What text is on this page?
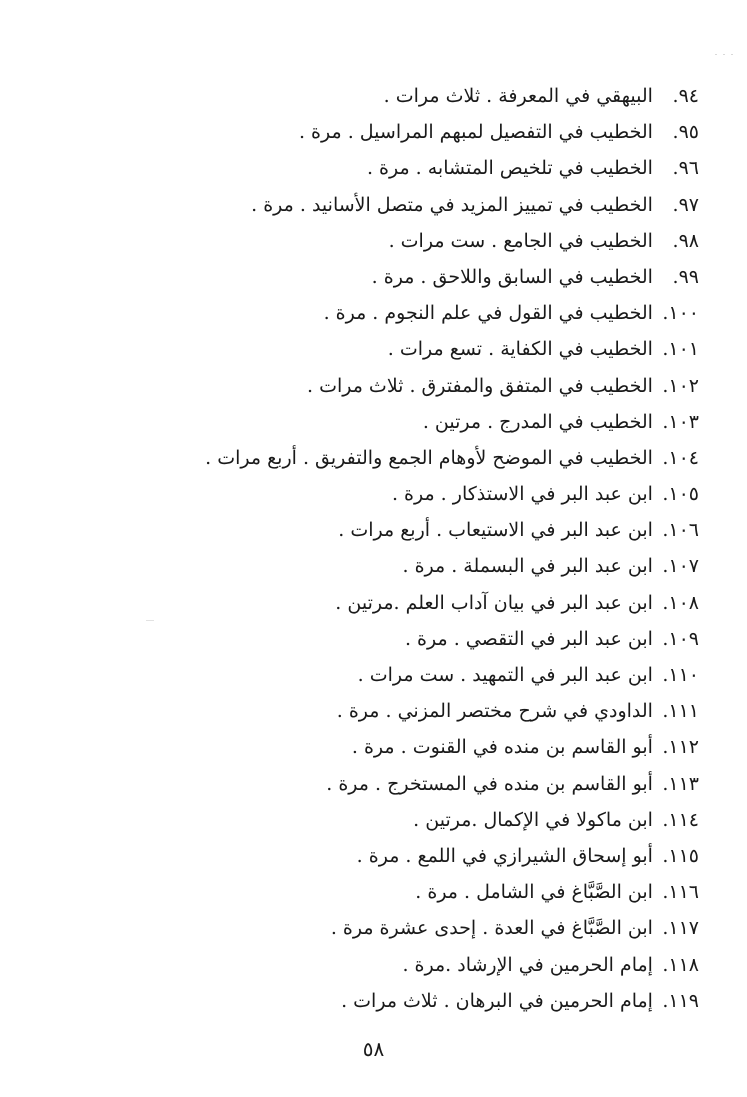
٩٤. البيهقي في المعرفة . ثلاث مرات .
٩٥. الخطيب في التفصيل لمبهم المراسيل . مرة .
٩٦. الخطيب في تلخيص المتشابه . مرة .
٩٧. الخطيب في تمييز المزيد في متصل الأسانيد . مرة .
٩٨. الخطيب في الجامع . ست مرات .
٩٩. الخطيب في السابق واللاحق . مرة .
١٠٠. الخطيب في القول في علم النجوم . مرة .
١٠١. الخطيب في الكفاية . تسع مرات .
١٠٢. الخطيب في المتفق والمفترق . ثلاث مرات .
١٠٣. الخطيب في المدرج . مرتين .
١٠٤. الخطيب في الموضح لأوهام الجمع والتفريق . أربع مرات .
١٠٥. ابن عبد البر في الاستذكار . مرة .
١٠٦. ابن عبد البر في الاستيعاب . أربع مرات .
١٠٧. ابن عبد البر في البسملة . مرة .
١٠٨. ابن عبد البر في بيان آداب العلم .مرتين .
١٠٩. ابن عبد البر في التقصي . مرة .
١١٠. ابن عبد البر في التمهيد . ست مرات .
١١١. الداودي في شرح مختصر المزني . مرة .
١١٢. أبو القاسم بن منده في القنوت . مرة .
١١٣. أبو القاسم بن منده في المستخرج . مرة .
١١٤. ابن ماكولا في الإكمال .مرتين .
١١٥. أبو إسحاق الشيرازي في اللمع . مرة .
١١٦. ابن الصَّبَّاغ في الشامل . مرة .
١١٧. ابن الصَّبَّاغ في العدة . إحدى عشرة مرة .
١١٨. إمام الحرمين في الإرشاد .مرة .
١١٩. إمام الحرمين في البرهان . ثلاث مرات .
٥٨
